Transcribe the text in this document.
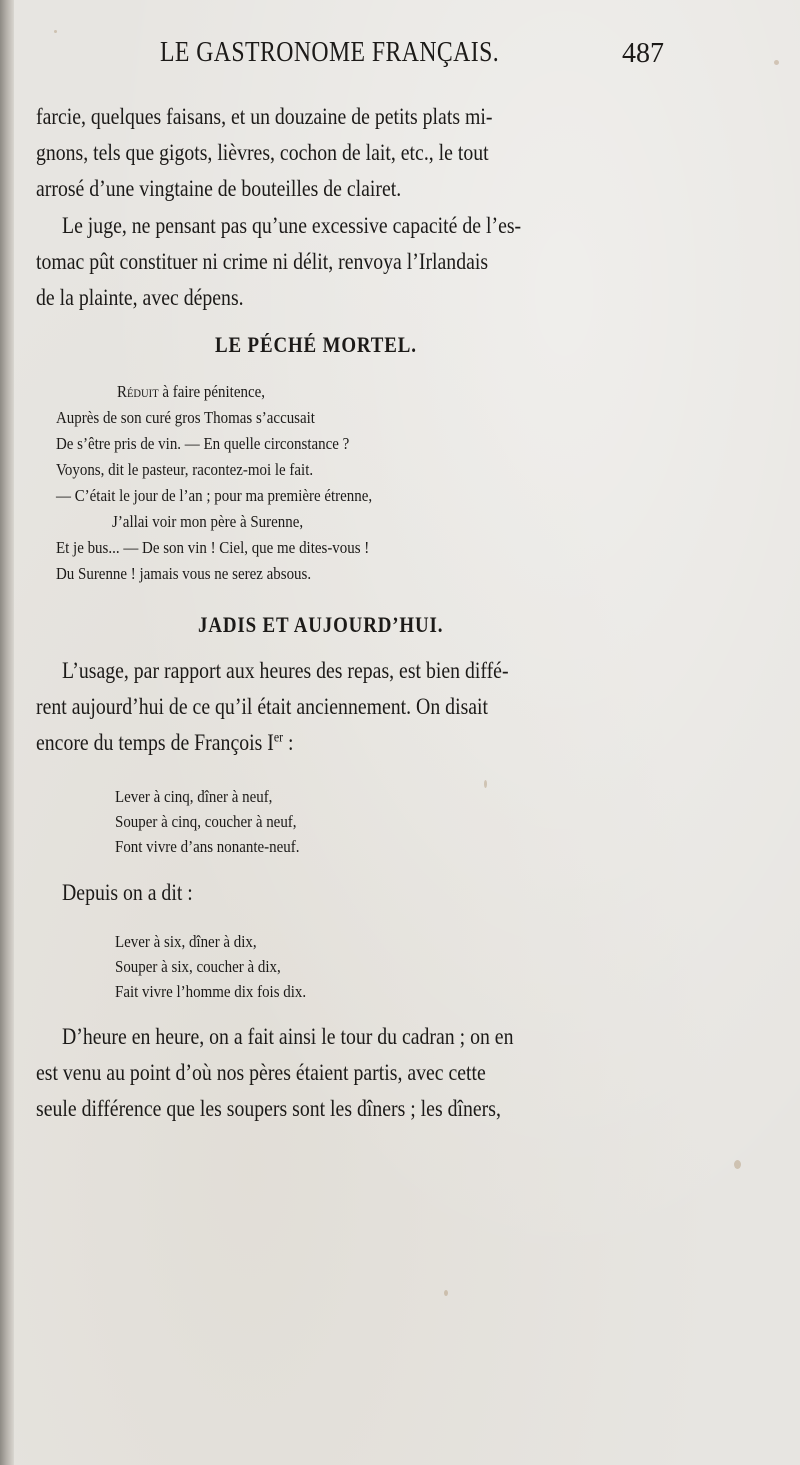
LE GASTRONOME FRANÇAIS.	487
farcie, quelques faisans, et un douzaine de petits plats mi-
gnons, tels que gigots, lièvres, cochon de lait, etc., le tout
arrosé d’une vingtaine de bouteilles de clairet.
Le juge, ne pensant pas qu’une excessive capacité de l’es-
tomac pût constituer ni crime ni délit, renvoya l’Irlandais
de la plainte, avec dépens.
LE PÉCHÉ MORTEL.
Réduit à faire pénitence,
Auprès de son curé gros Thomas s’accusait
De s’être pris de vin. — En quelle circonstance ?
Voyons, dit le pasteur, racontez-moi le fait.
— C’était le jour de l’an ; pour ma première étrenne,
J’allai voir mon père à Surenne,
Et je bus... — De son vin ! Ciel, que me dites-vous !
Du Surenne ! jamais vous ne serez absous.
JADIS ET AUJOURD’HUI.
L’usage, par rapport aux heures des repas, est bien diffé-
rent aujourd’hui de ce qu’il était anciennement. On disait
encore du temps de François Ier :
Lever à cinq, dîner à neuf,
Souper à cinq, coucher à neuf,
Font vivre d’ans nonante-neuf.
Depuis on a dit :
Lever à six, dîner à dix,
Souper à six, coucher à dix,
Fait vivre l’homme dix fois dix.
D’heure en heure, on a fait ainsi le tour du cadran ; on en
est venu au point d’où nos pères étaient partis, avec cette
seule différence que les soupers sont les dîners ; les dîners,
